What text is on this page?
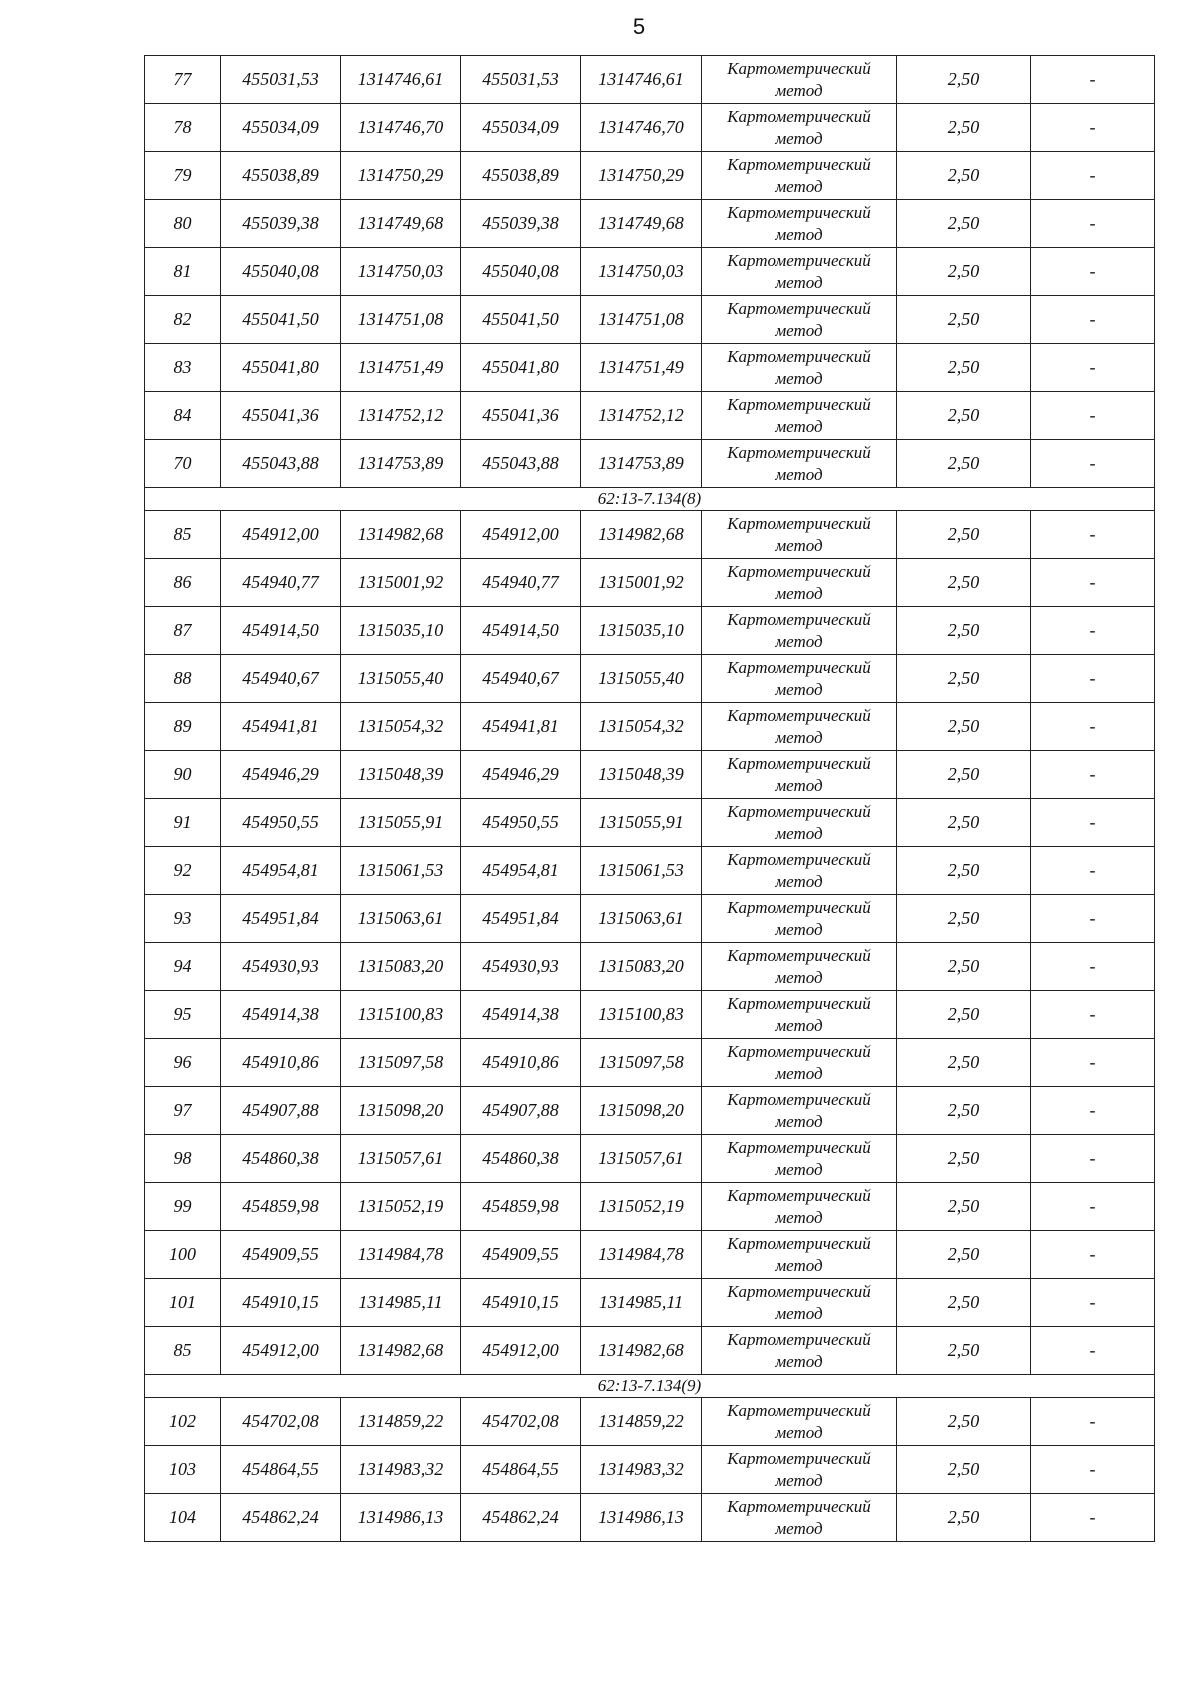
5
77	455031,53	1314746,61	455031,53	1314746,61	Картометрический
метод	2,50	-
78	455034,09	1314746,70	455034,09	1314746,70	Картометрический
метод	2,50	-
79	455038,89	1314750,29	455038,89	1314750,29	Картометрический
метод	2,50	-
80	455039,38	1314749,68	455039,38	1314749,68	Картометрический
метод	2,50	-
81	455040,08	1314750,03	455040,08	1314750,03	Картометрический
метод	2,50	-
82	455041,50	1314751,08	455041,50	1314751,08	Картометрический
метод	2,50	-
83	455041,80	1314751,49	455041,80	1314751,49	Картометрический
метод	2,50	-
84	455041,36	1314752,12	455041,36	1314752,12	Картометрический
метод	2,50	-
70	455043,88	1314753,89	455043,88	1314753,89	Картометрический
метод	2,50	-
62:13-7.134(8)							
85	454912,00	1314982,68	454912,00	1314982,68	Картометрический
метод	2,50	-
86	454940,77	1315001,92	454940,77	1315001,92	Картометрический
метод	2,50	-
87	454914,50	1315035,10	454914,50	1315035,10	Картометрический
метод	2,50	-
88	454940,67	1315055,40	454940,67	1315055,40	Картометрический
метод	2,50	-
89	454941,81	1315054,32	454941,81	1315054,32	Картометрический
метод	2,50	-
90	454946,29	1315048,39	454946,29	1315048,39	Картометрический
метод	2,50	-
91	454950,55	1315055,91	454950,55	1315055,91	Картометрический
метод	2,50	-
92	454954,81	1315061,53	454954,81	1315061,53	Картометрический
метод	2,50	-
93	454951,84	1315063,61	454951,84	1315063,61	Картометрический
метод	2,50	-
94	454930,93	1315083,20	454930,93	1315083,20	Картометрический
метод	2,50	-
95	454914,38	1315100,83	454914,38	1315100,83	Картометрический
метод	2,50	-
96	454910,86	1315097,58	454910,86	1315097,58	Картометрический
метод	2,50	-
97	454907,88	1315098,20	454907,88	1315098,20	Картометрический
метод	2,50	-
98	454860,38	1315057,61	454860,38	1315057,61	Картометрический
метод	2,50	-
99	454859,98	1315052,19	454859,98	1315052,19	Картометрический
метод	2,50	-
100	454909,55	1314984,78	454909,55	1314984,78	Картометрический
метод	2,50	-
101	454910,15	1314985,11	454910,15	1314985,11	Картометрический
метод	2,50	-
85	454912,00	1314982,68	454912,00	1314982,68	Картометрический
метод	2,50	-
62:13-7.134(9)							
102	454702,08	1314859,22	454702,08	1314859,22	Картометрический
метод	2,50	-
103	454864,55	1314983,32	454864,55	1314983,32	Картометрический
метод	2,50	-
104	454862,24	1314986,13	454862,24	1314986,13	Картометрический
метод	2,50	-
